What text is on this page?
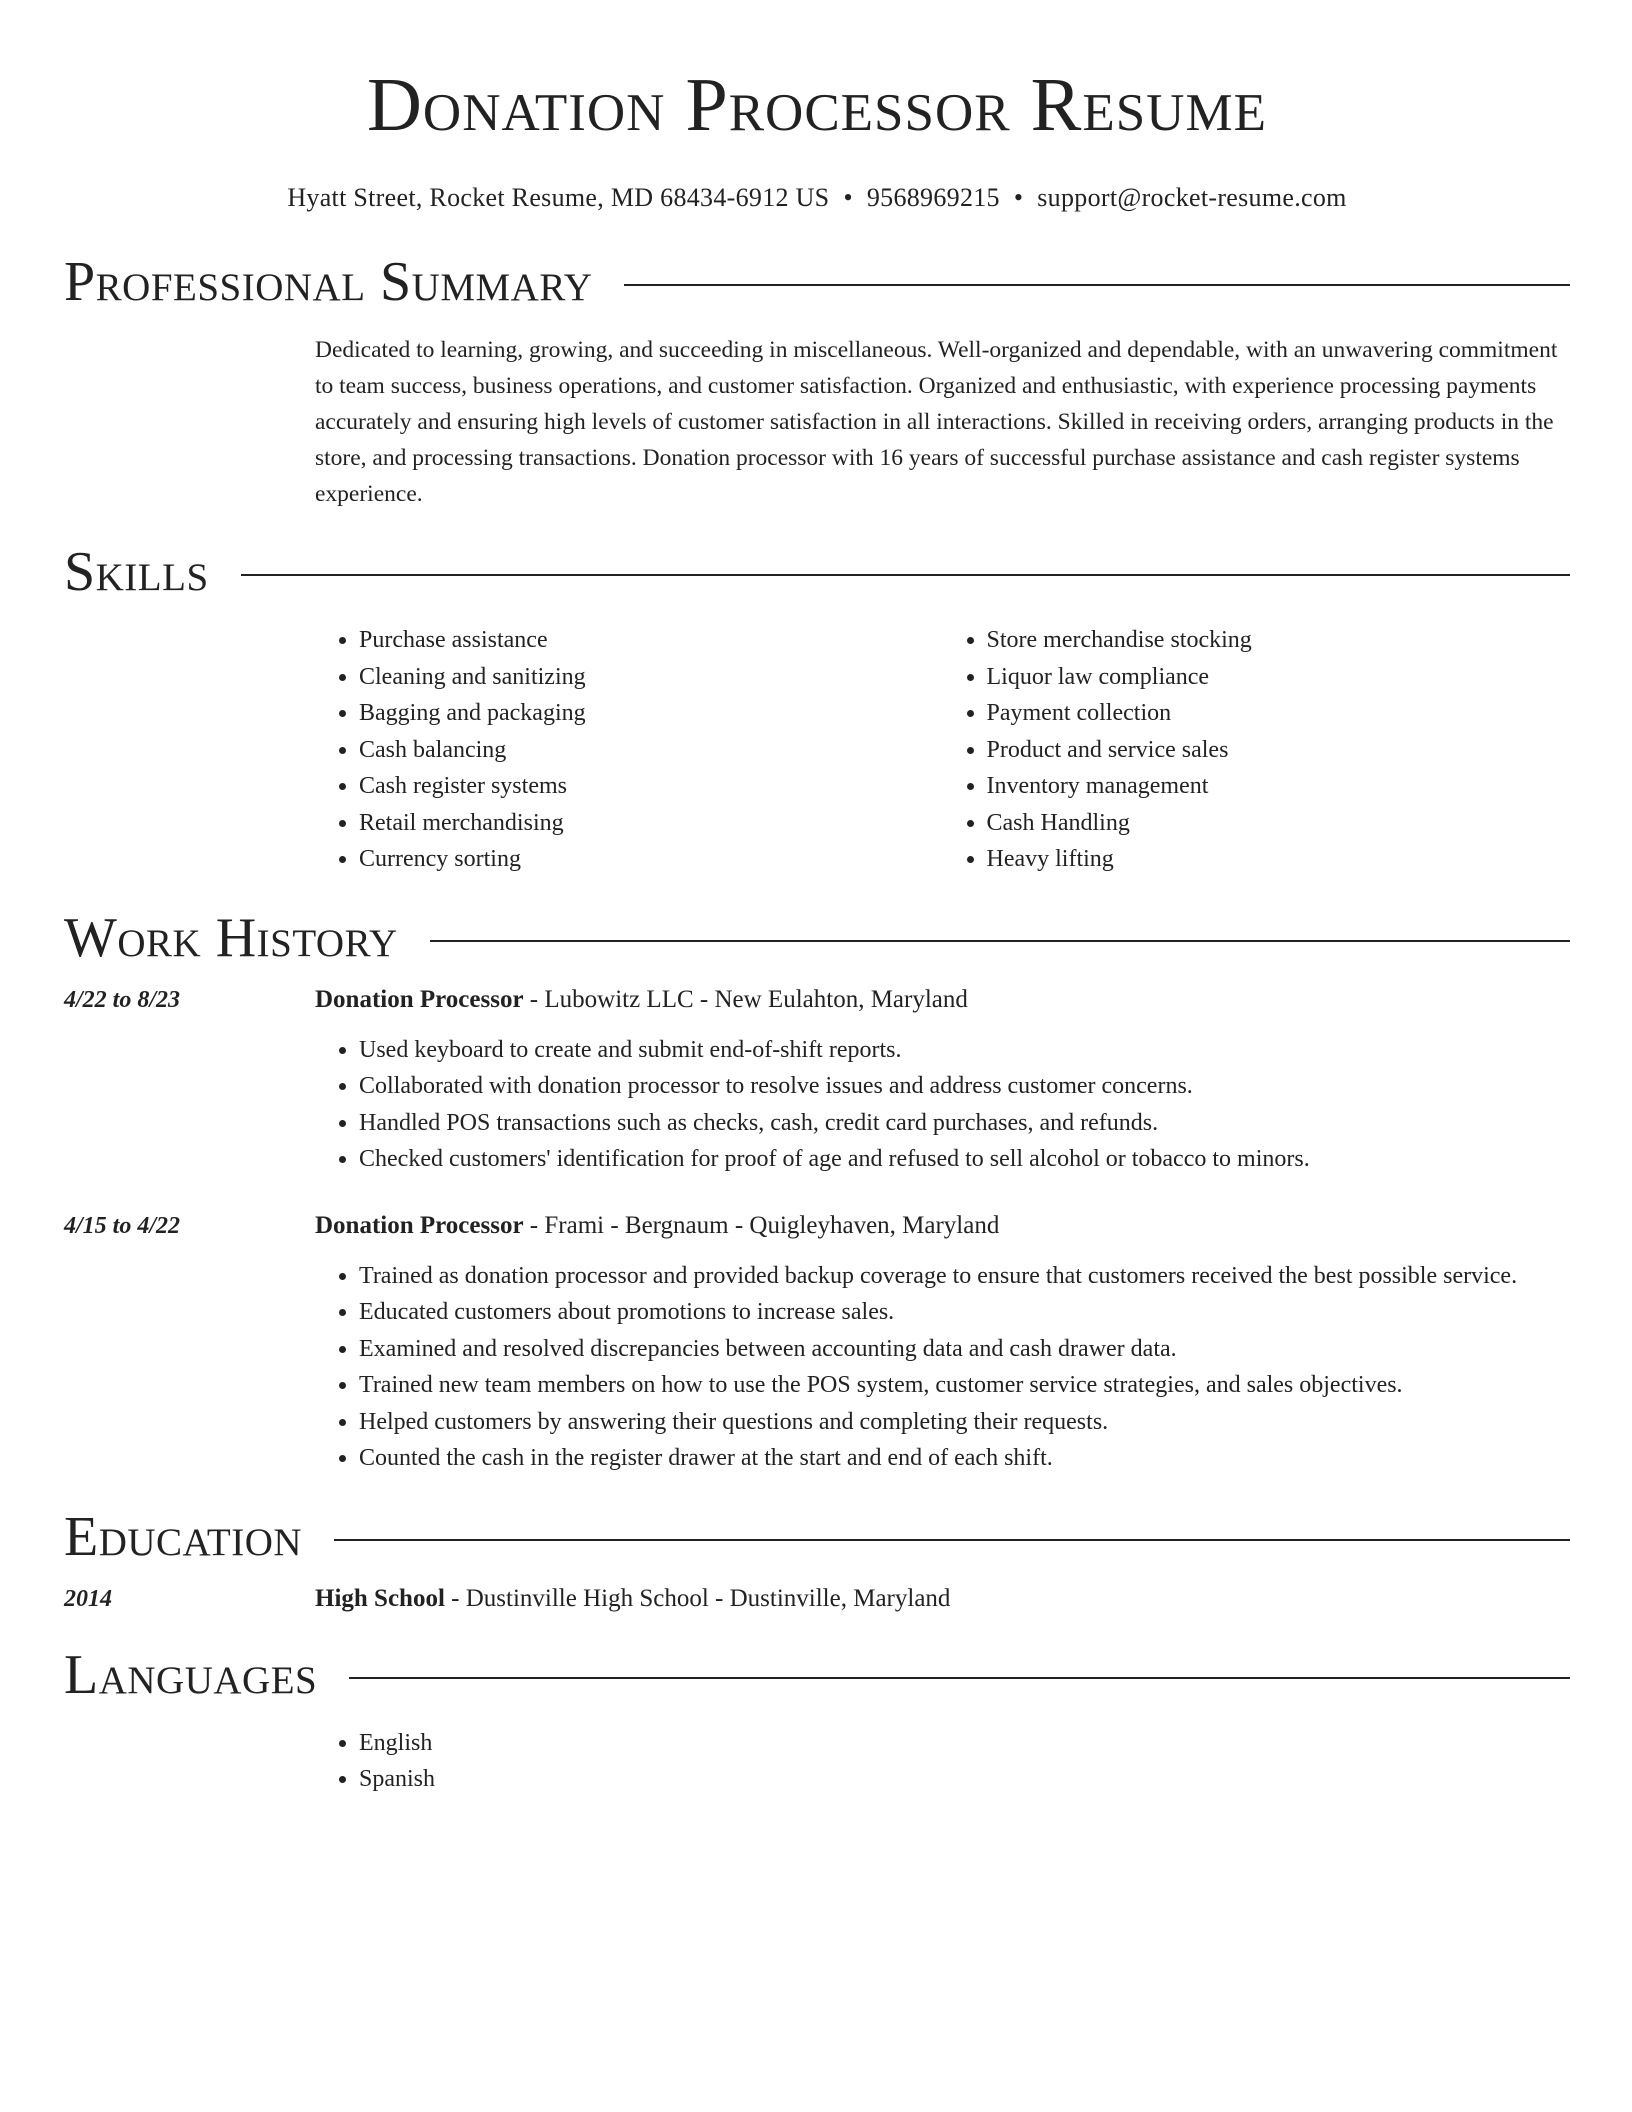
Donation Processor Resume
Hyatt Street, Rocket Resume, MD 68434-6912 US • 9568969215 • support@rocket-resume.com
Professional Summary

Dedicated to learning, growing, and succeeding in miscellaneous. Well-organized and dependable, with an unwavering commitment to team success, business operations, and customer satisfaction. Organized and enthusiastic, with experience processing payments accurately and ensuring high levels of customer satisfaction in all interactions. Skilled in receiving orders, arranging products in the store, and processing transactions. Donation processor with 16 years of successful purchase assistance and cash register systems experience.

Skills
• Purchase assistance
• Cleaning and sanitizing
• Bagging and packaging
• Cash balancing
• Cash register systems
• Retail merchandising
• Currency sorting
• Store merchandise stocking
• Liquor law compliance
• Payment collection
• Product and service sales
• Inventory management
• Cash Handling
• Heavy lifting
Work History
4/22 to 8/23	Donation Processor - Lubowitz LLC - New Eulahton, Maryland
• Used keyboard to create and submit end-of-shift reports.
• Collaborated with donation processor to resolve issues and address customer concerns.
• Handled POS transactions such as checks, cash, credit card purchases, and refunds.
• Checked customers' identification for proof of age and refused to sell alcohol or tobacco to minors.
4/15 to 4/22	Donation Processor - Frami - Bergnaum - Quigleyhaven, Maryland
• Trained as donation processor and provided backup coverage to ensure that customers received the best possible service.
• Educated customers about promotions to increase sales.
• Examined and resolved discrepancies between accounting data and cash drawer data.
• Trained new team members on how to use the POS system, customer service strategies, and sales objectives.
• Helped customers by answering their questions and completing their requests.
• Counted the cash in the register drawer at the start and end of each shift.
Education
2014	High School - Dustinville High School - Dustinville, Maryland
Languages
• English
• Spanish
